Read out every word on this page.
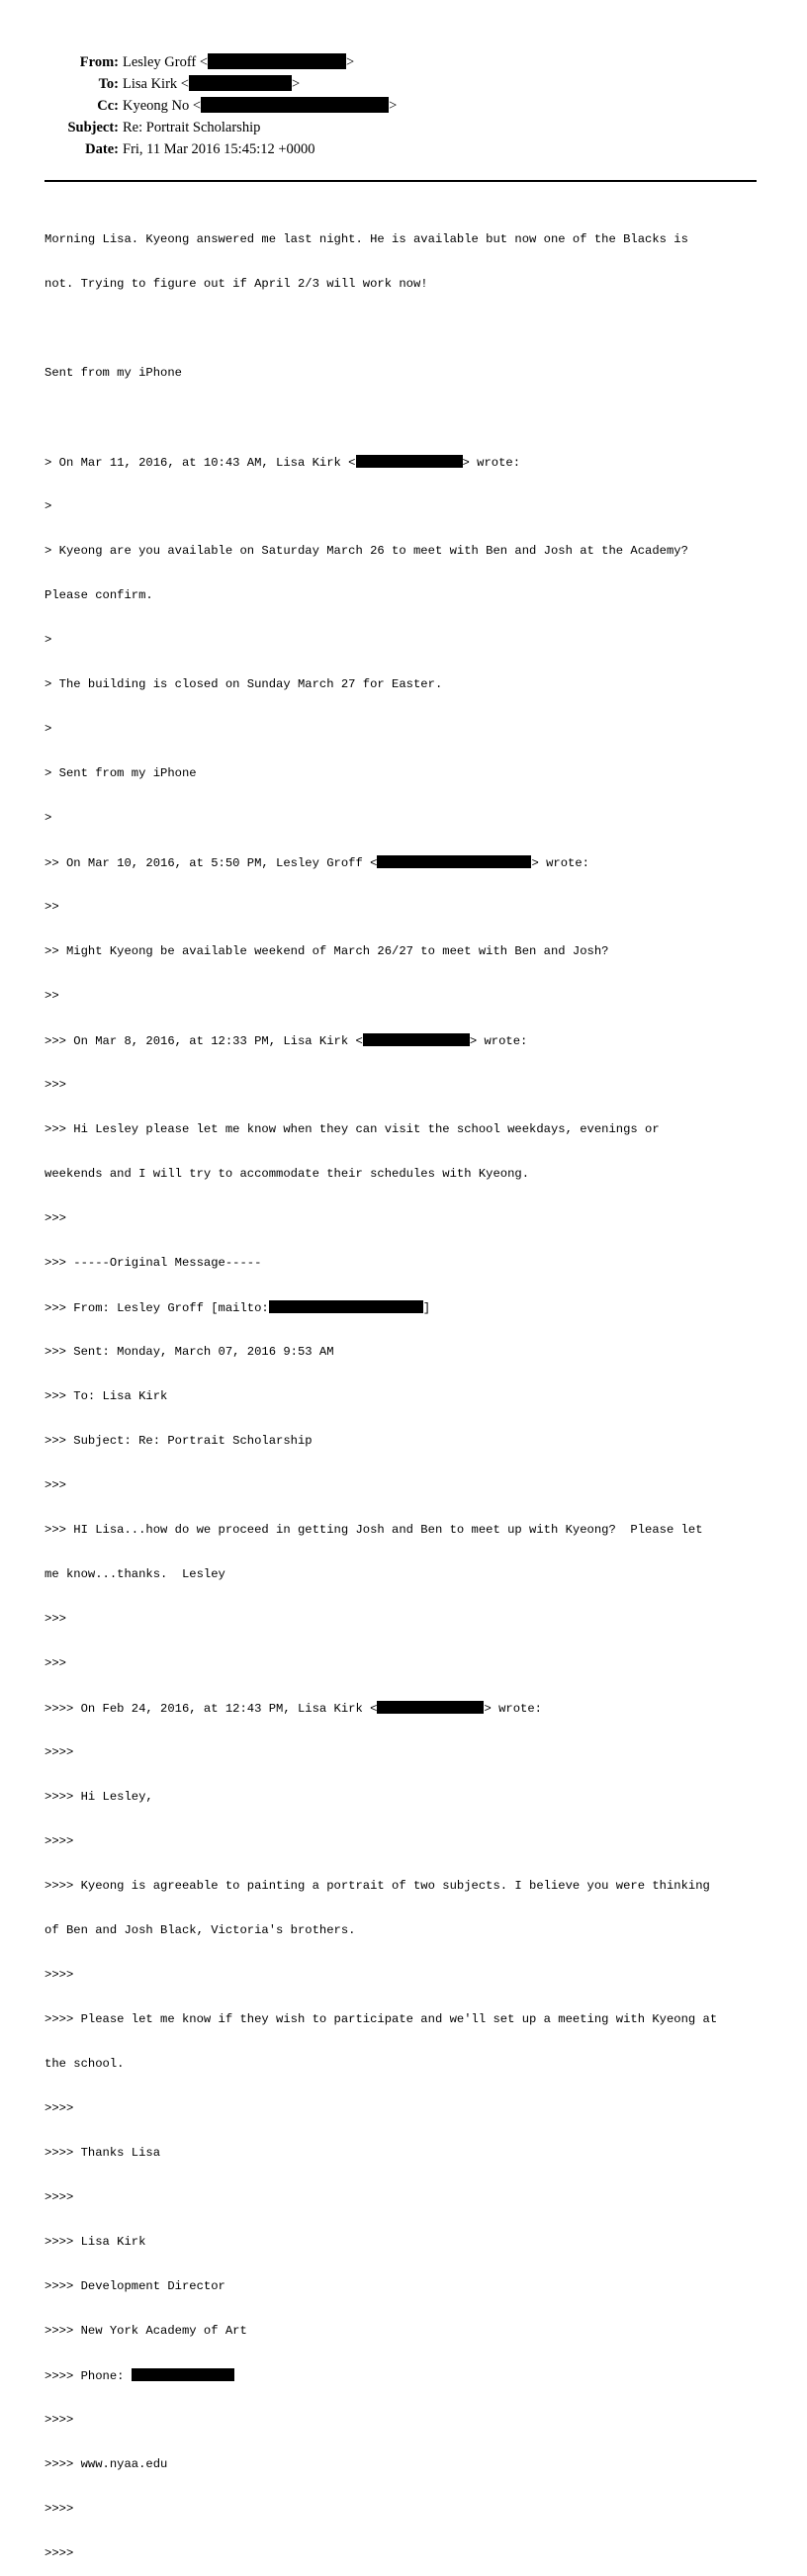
From: Lesley Groff <	>
To: Lisa Kirk <	>
Cc: Kyeong No <	>
Subject: Re: Portrait Scholarship
Date: Fri, 11 Mar 2016 15:45:12 +0000

Morning Lisa. Kyeong answered me last night. He is available but now one of the Blacks is

not. Trying to figure out if April 2/3 will work now!

Sent from my iPhone

> On Mar 11, 2016, at 10:43 AM, Lisa Kirk <	> wrote:

>

> Kyeong are you available on Saturday March 26 to meet with Ben and Josh at the Academy?

Please confirm.

>

> The building is closed on Sunday March 27 for Easter.

>

> Sent from my iPhone

>

>> On Mar 10, 2016, at 5:50 PM, Lesley Groff <	> wrote:

>>

>> Might Kyeong be available weekend of March 26/27 to meet with Ben and Josh?

>>

>>> On Mar 8, 2016, at 12:33 PM, Lisa Kirk <	> wrote:

>>>

>>> Hi Lesley please let me know when they can visit the school weekdays, evenings or

weekends and I will try to accommodate their schedules with Kyeong.

>>>

>>> -----Original Message-----

>>> From: Lesley Groff [mailto:	]

>>> Sent: Monday, March 07, 2016 9:53 AM

>>> To: Lisa Kirk

>>> Subject: Re: Portrait Scholarship

>>>

>>> HI Lisa...how do we proceed in getting Josh and Ben to meet up with Kyeong?  Please let

me know...thanks.  Lesley

>>>

>>>

>>>> On Feb 24, 2016, at 12:43 PM, Lisa Kirk <	> wrote:

>>>>

>>>> Hi Lesley,

>>>>

>>>> Kyeong is agreeable to painting a portrait of two subjects. I believe you were thinking

of Ben and Josh Black, Victoria's brothers.

>>>>

>>>> Please let me know if they wish to participate and we'll set up a meeting with Kyeong at

the school.

>>>>

>>>> Thanks Lisa

>>>>

>>>> Lisa Kirk

>>>> Development Director

>>>> New York Academy of Art

>>>> Phone:

>>>>

>>>> www.nyaa.edu

>>>>

>>>>
